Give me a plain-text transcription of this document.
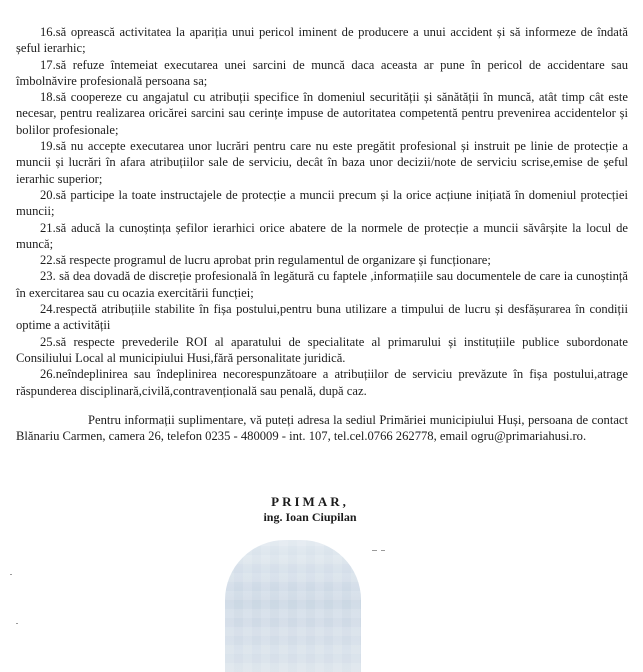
16.să oprească activitatea la apariția unui pericol iminent de producere a unui accident și să informeze de îndată șeful ierarhic;

17.să refuze întemeiat executarea unei sarcini de muncă daca aceasta ar pune în pericol de accidentare sau îmbolnăvire profesională persoana sa;

18.să coopereze cu angajatul cu atribuții specifice în domeniul securității și sănătății în muncă, atât timp cât este necesar, pentru realizarea oricărei sarcini sau cerințe impuse de autoritatea competentă pentru prevenirea accidentelor și bolilor profesionale;

19.să nu accepte executarea unor lucrări pentru care nu este pregătit profesional și instruit pe linie de protecție a muncii și lucrări în afara atribuțiilor sale de serviciu, decât în baza unor decizii/note de serviciu scrise,emise de șeful ierarhic superior;

20.să participe la toate instructajele de protecție a muncii precum și la orice acțiune inițiată în domeniul protecției muncii;

21.să aducă la cunoștința șefilor ierarhici orice abatere de la normele de protecție a muncii săvârșite la locul de muncă;

22.să respecte programul de lucru aprobat prin regulamentul de organizare și funcționare;

23. să dea dovadă de discreție profesională în legătură cu faptele ,informațiile sau documentele de care ia cunoștință în exercitarea sau cu ocazia exercitării funcției;

24.respectă atribuțiile stabilite în fișa postului,pentru buna utilizare a timpului de lucru și desfășurarea în condiții optime a activității

25.să respecte prevederile ROI al aparatului de specialitate al primarului și instituțiile publice subordonate Consiliului Local al municipiului Husi,fără personalitate juridică.

26.neîndeplinirea sau îndeplinirea necorespunzătoare a atribuțiilor de serviciu prevăzute în fișa postului,atrage răspunderea disciplinară,civilă,contravențională sau penală, după caz.

Pentru informații suplimentare, vă puteți adresa la sediul Primăriei municipiului Huși, persoana de contact Blănariu Carmen, camera 26, telefon 0235 - 480009 - int. 107, tel.cel.0766 262778, email ogru@primariahusi.ro.

PRIMAR,
ing. Ioan Ciupilan
